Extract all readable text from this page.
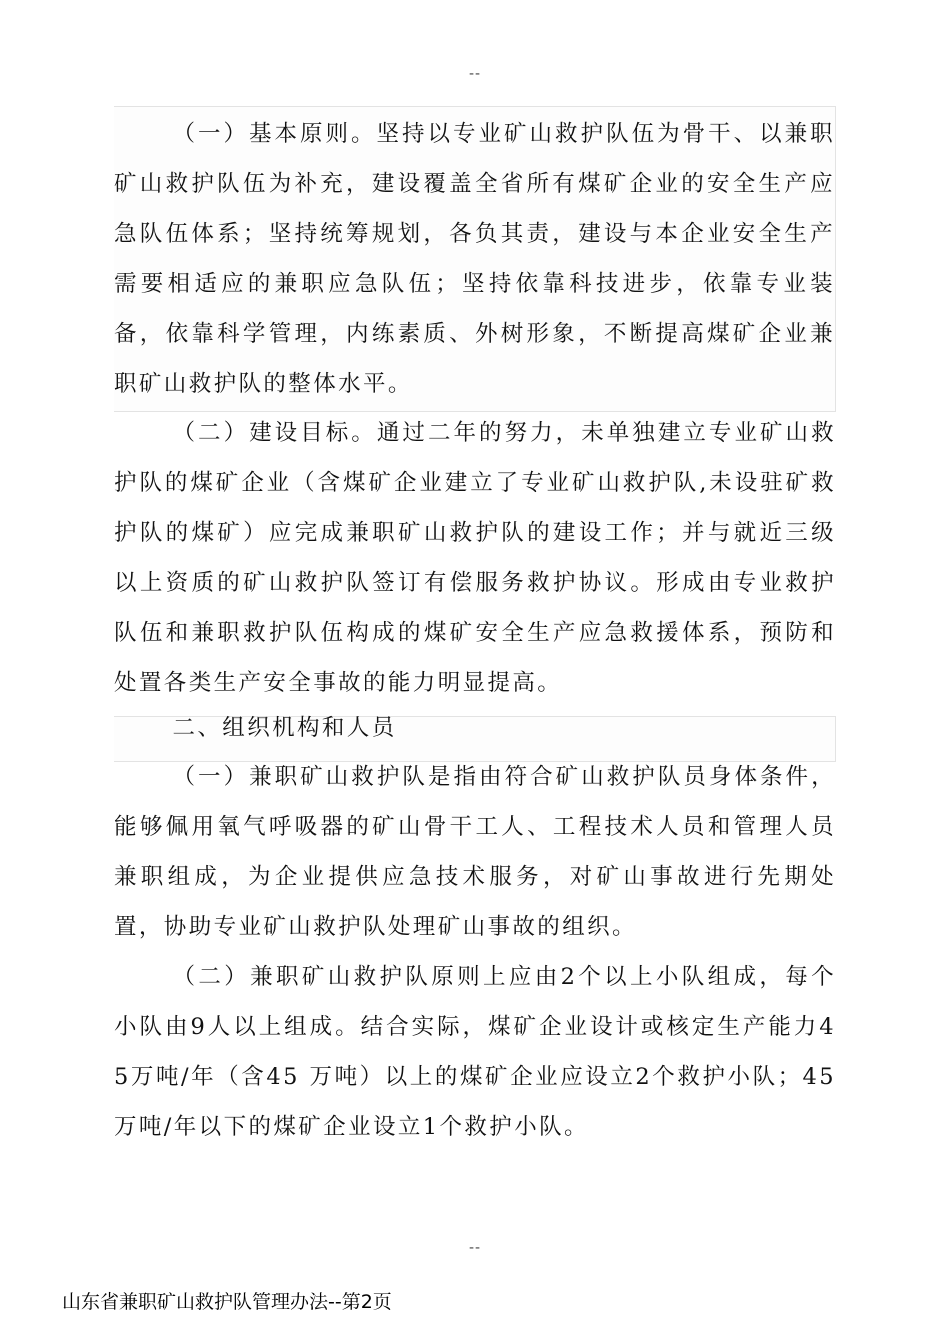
--

（一）基本原则。坚持以专业矿山救护队伍为骨干、以兼职矿山救护队伍为补充，建设覆盖全省所有煤矿企业的安全生产应急队伍体系；坚持统筹规划，各负其责，建设与本企业安全生产需要相适应的兼职应急队伍；坚持依靠科技进步，依靠专业装备，依靠科学管理，内练素质、外树形象，不断提高煤矿企业兼职矿山救护队的整体水平。

（二）建设目标。通过二年的努力，未单独建立专业矿山救护队的煤矿企业（含煤矿企业建立了专业矿山救护队,未设驻矿救护队的煤矿）应完成兼职矿山救护队的建设工作；并与就近三级以上资质的矿山救护队签订有偿服务救护协议。形成由专业救护队伍和兼职救护队伍构成的煤矿安全生产应急救援体系，预防和处置各类生产安全事故的能力明显提高。

二、组织机构和人员

（一）兼职矿山救护队是指由符合矿山救护队员身体条件，能够佩用氧气呼吸器的矿山骨干工人、工程技术人员和管理人员兼职组成，为企业提供应急技术服务，对矿山事故进行先期处置，协助专业矿山救护队处理矿山事故的组织。

（二）兼职矿山救护队原则上应由2个以上小队组成，每个小队由9人以上组成。结合实际，煤矿企业设计或核定生产能力45万吨/年（含45 万吨）以上的煤矿企业应设立2个救护小队；45万吨/年以下的煤矿企业设立1个救护小队。

--
山东省兼职矿山救护队管理办法--第2页
